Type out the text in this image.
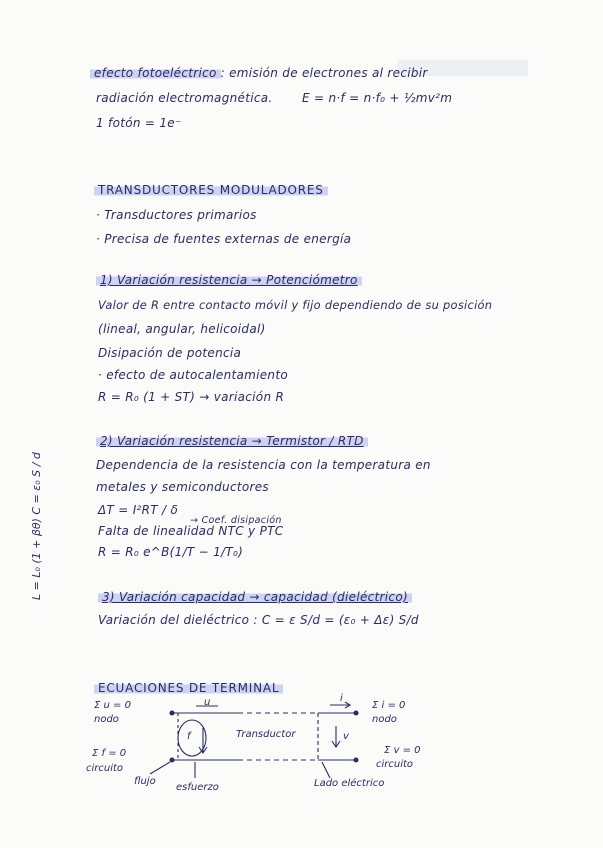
efecto fotoeléctrico : emisión de electrones al recibir
radiación electromagnética. E = n·f = n·f₀ + ½mv²m
1 fotón = 1e⁻
TRANSDUCTORES MODULADORES
· Transductores primarios
· Precisa de fuentes externas de energía
1) Variación resistencia → Potenciómetro
Valor de R entre contacto móvil y fijo dependiendo de su posición
(lineal, angular, helicoidal)
Disipación de potencia
· efecto de autocalentamiento
R = R₀ (1 + ST) → variación R
2) Variación resistencia → Termistor / RTD
Dependencia de la resistencia con la temperatura en
metales y semiconductores
ΔT = I²RT / δ
→ Coef. disipación
Falta de linealidad NTC y PTC
R = R₀ e^B(1/T − 1/T₀)
L = L₀ (1 + βθ) C = ε₀ S / d	3) Variación capacidad → capacidad (dieléctrico)
Variación del dieléctrico : C = ε S/d = (ε₀ + Δε) S/d
ECUACIONES DE TERMINAL
Σ u = 0
nodo
Σ i = 0
nodo
Σ f = 0
circuito
Σ v = 0
circuito
Transductor
u	i
f	v
flujo
esfuerzo	Lado eléctrico
